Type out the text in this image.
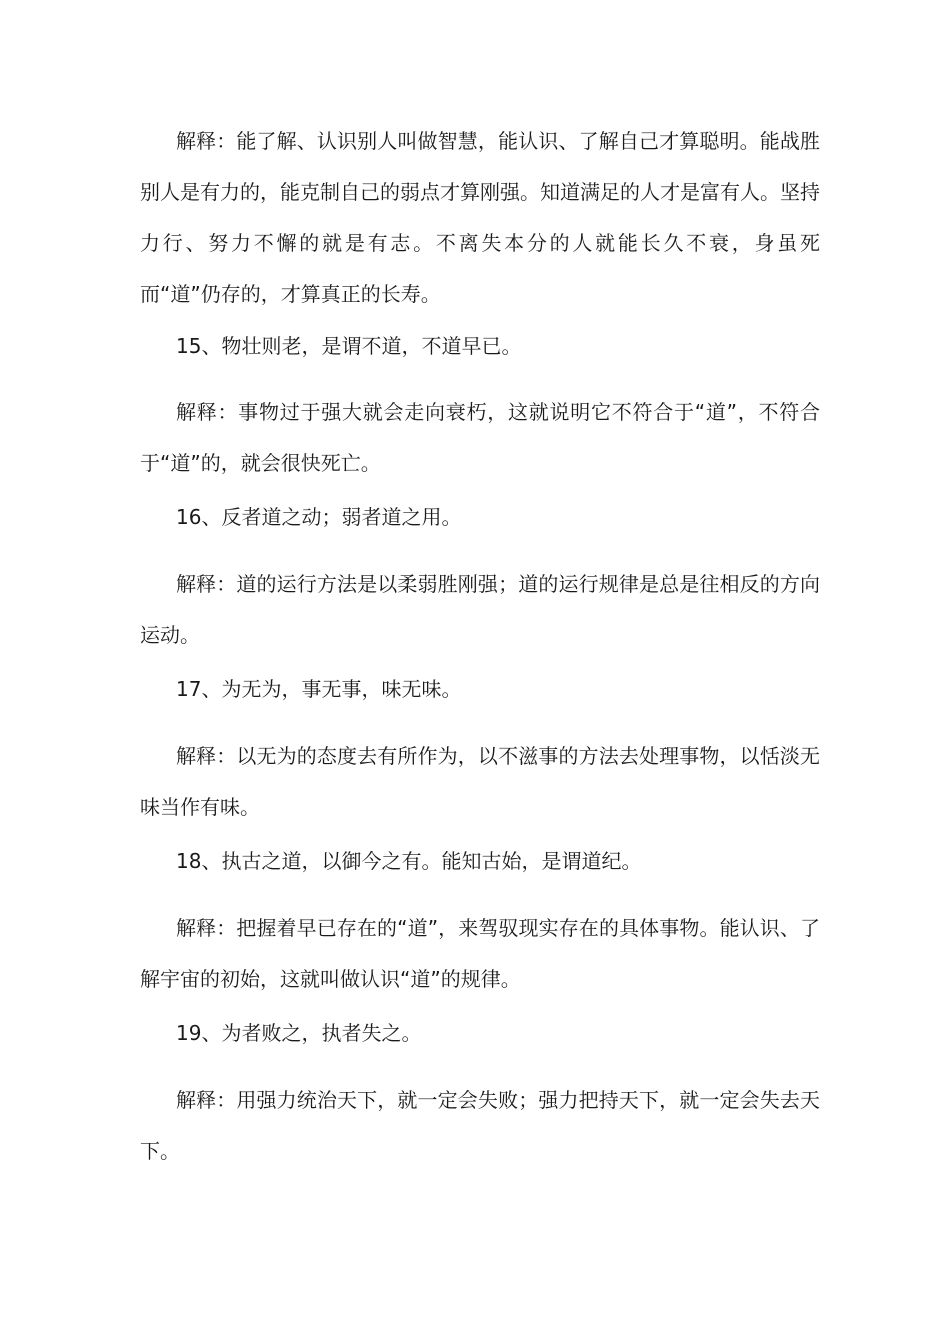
解释：能了解、认识别人叫做智慧，能认识、了解自己才算聪明。能战胜别人是有力的，能克制自己的弱点才算刚强。知道满足的人才是富有人。坚持力行、努力不懈的就是有志。不离失本分的人就能长久不衰，身虽死而“道”仍存的，才算真正的长寿。

15、物壮则老，是谓不道，不道早已。

解释：事物过于强大就会走向衰朽，这就说明它不符合于“道”，不符合于“道”的，就会很快死亡。

16、反者道之动；弱者道之用。

解释：道的运行方法是以柔弱胜刚强；道的运行规律是总是往相反的方向运动。

17、为无为，事无事，味无味。

解释：以无为的态度去有所作为，以不滋事的方法去处理事物，以恬淡无味当作有味。

18、执古之道，以御今之有。能知古始，是谓道纪。

解释：把握着早已存在的“道”，来驾驭现实存在的具体事物。能认识、了解宇宙的初始，这就叫做认识“道”的规律。

19、为者败之，执者失之。

解释：用强力统治天下，就一定会失败；强力把持天下，就一定会失去天下。
